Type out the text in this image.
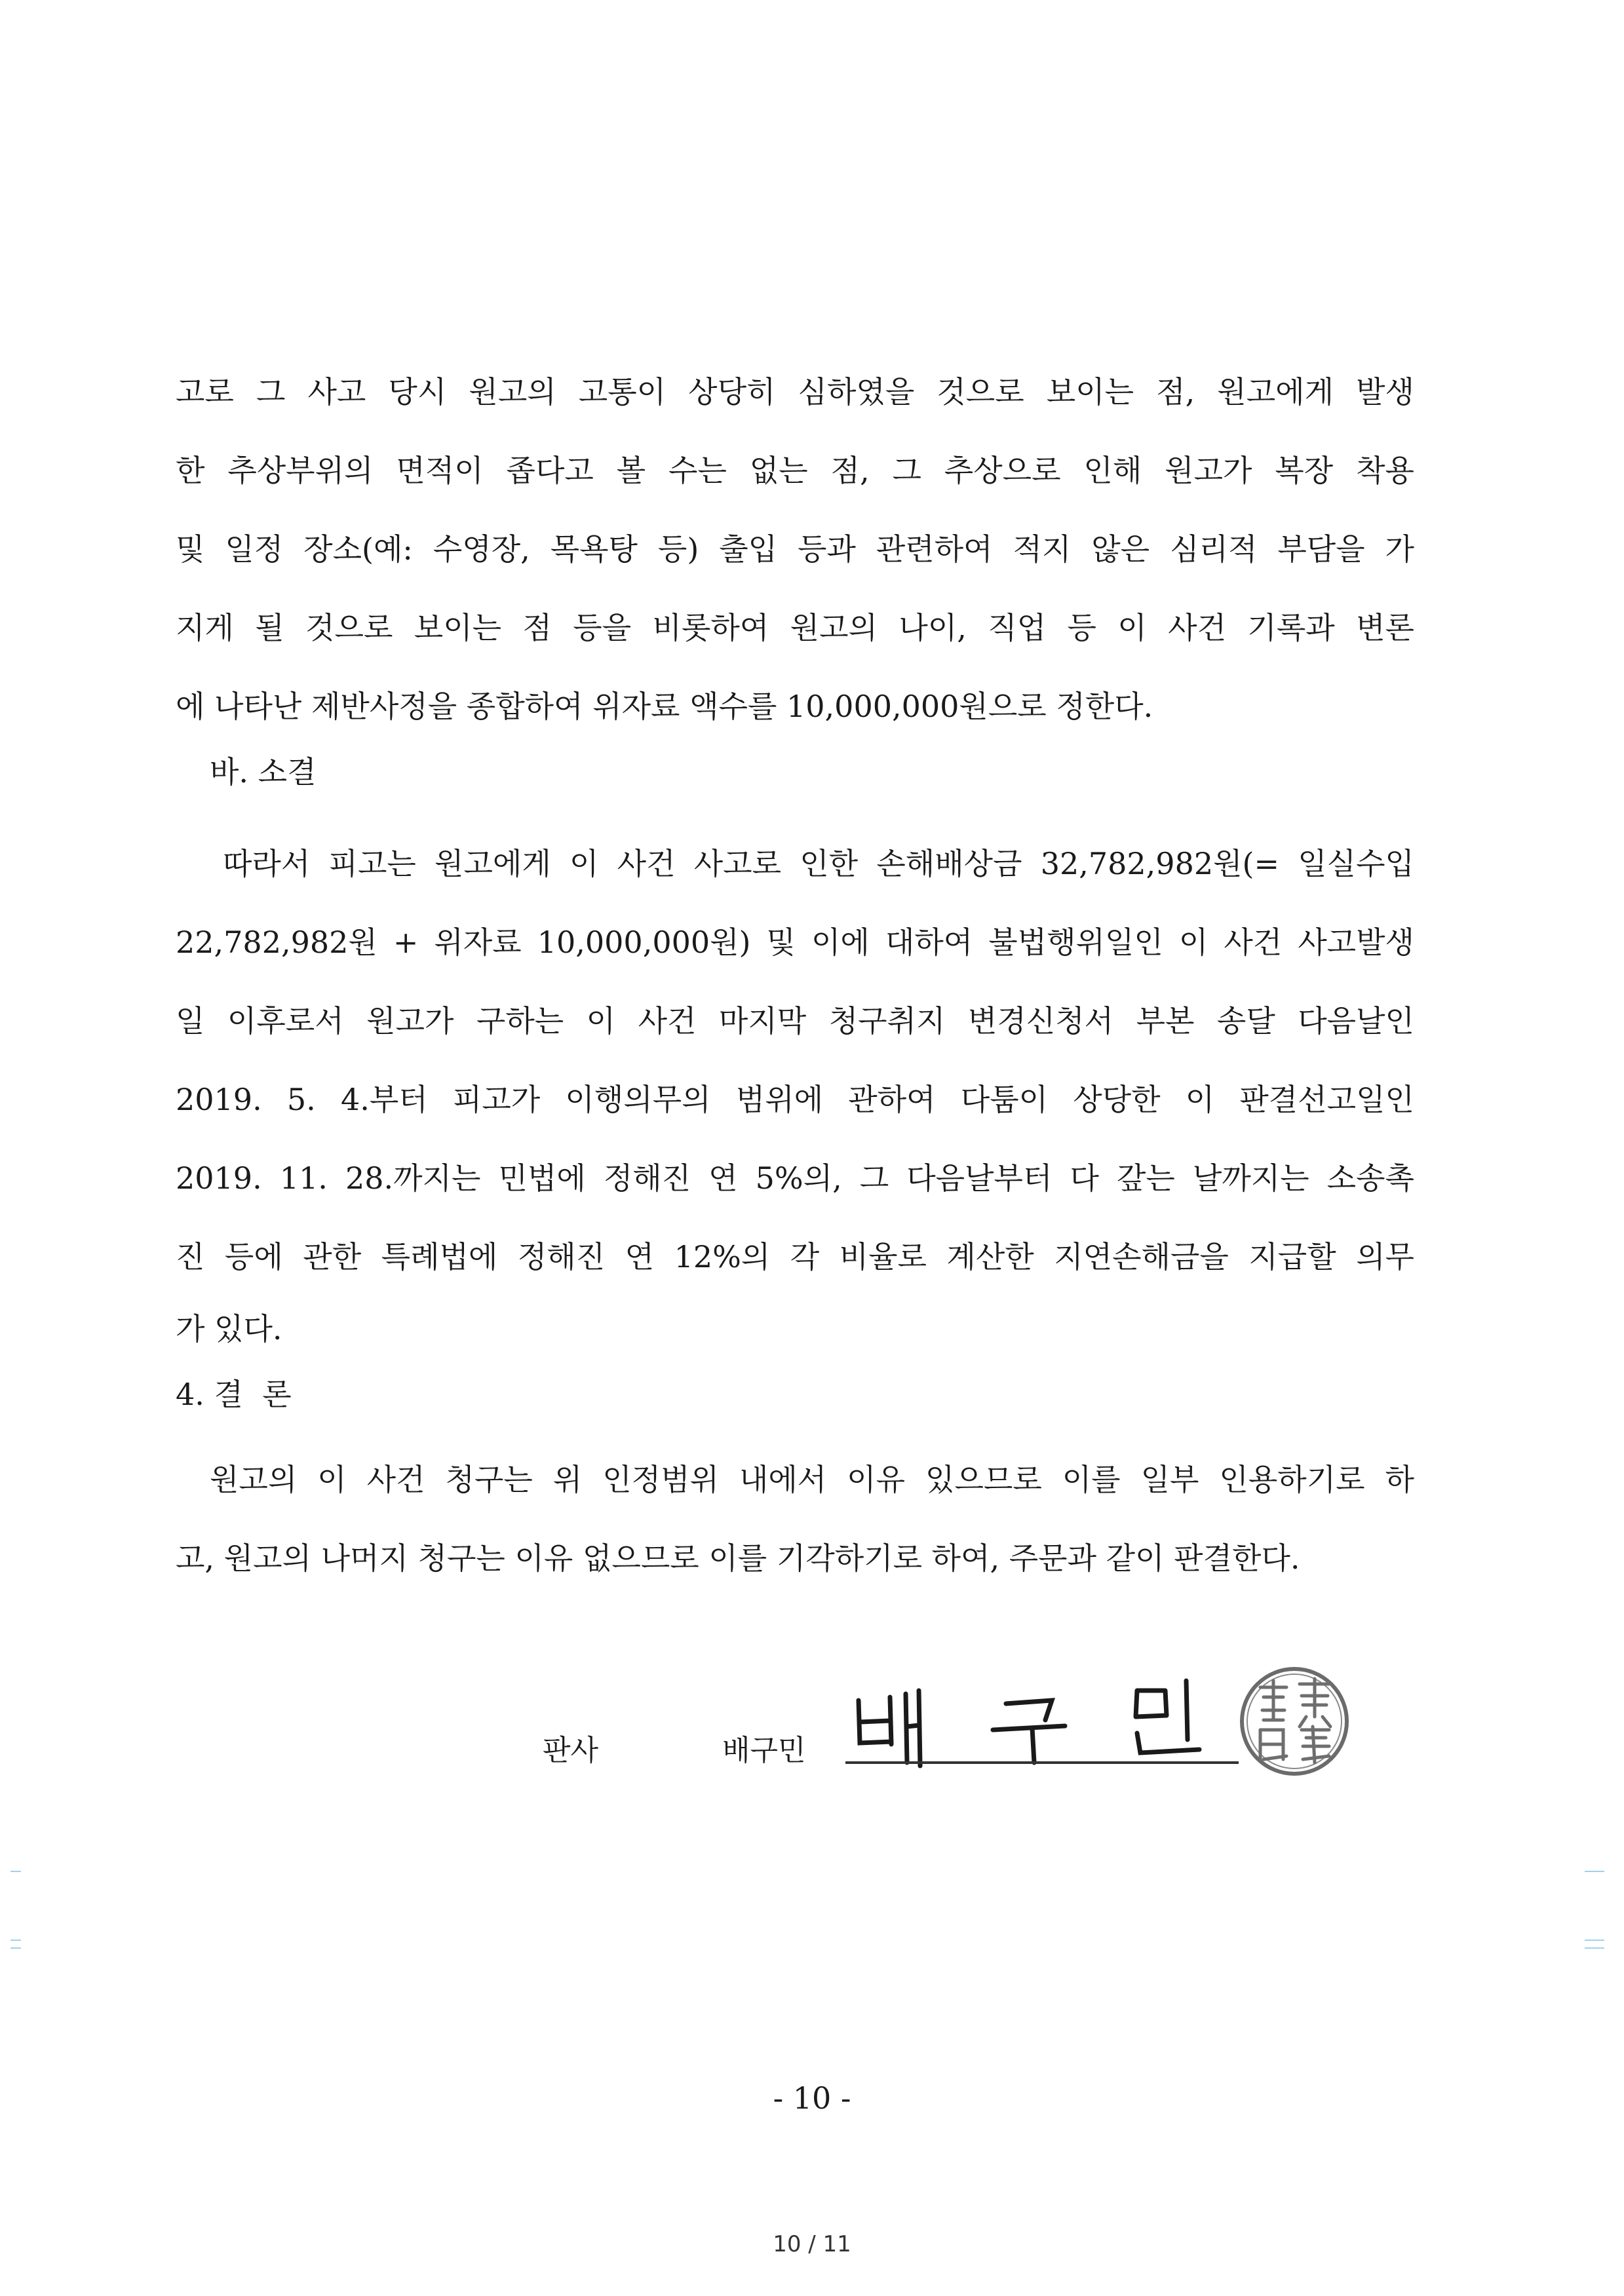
고로 그 사고 당시 원고의 고통이 상당히 심하였을 것으로 보이는 점, 원고에게 발생
한 추상부위의 면적이 좁다고 볼 수는 없는 점, 그 추상으로 인해 원고가 복장 착용
및 일정 장소(예: 수영장, 목욕탕 등) 출입 등과 관련하여 적지 않은 심리적 부담을 가
지게 될 것으로 보이는 점 등을 비롯하여 원고의 나이, 직업 등 이 사건 기록과 변론
에 나타난 제반사정을 종합하여 위자료 액수를 10,000,000원으로 정한다.
바. 소결
따라서 피고는 원고에게 이 사건 사고로 인한 손해배상금 32,782,982원(= 일실수입
22,782,982원 + 위자료 10,000,000원) 및 이에 대하여 불법행위일인 이 사건 사고발생
일 이후로서 원고가 구하는 이 사건 마지막 청구취지 변경신청서 부본 송달 다음날인
2019. 5. 4.부터 피고가 이행의무의 범위에 관하여 다툼이 상당한 이 판결선고일인
2019. 11. 28.까지는 민법에 정해진 연 5%의, 그 다음날부터 다 갚는 날까지는 소송촉
진 등에 관한 특례법에 정해진 연 12%의 각 비율로 계산한 지연손해금을 지급할 의무
가 있다.
4. 결  론
원고의 이 사건 청구는 위 인정범위 내에서 이유 있으므로 이를 일부 인용하기로 하
고, 원고의 나머지 청구는 이유 없으므로 이를 기각하기로 하여, 주문과 같이 판결한다.
판사	배구민
- 10 -
10 / 11
